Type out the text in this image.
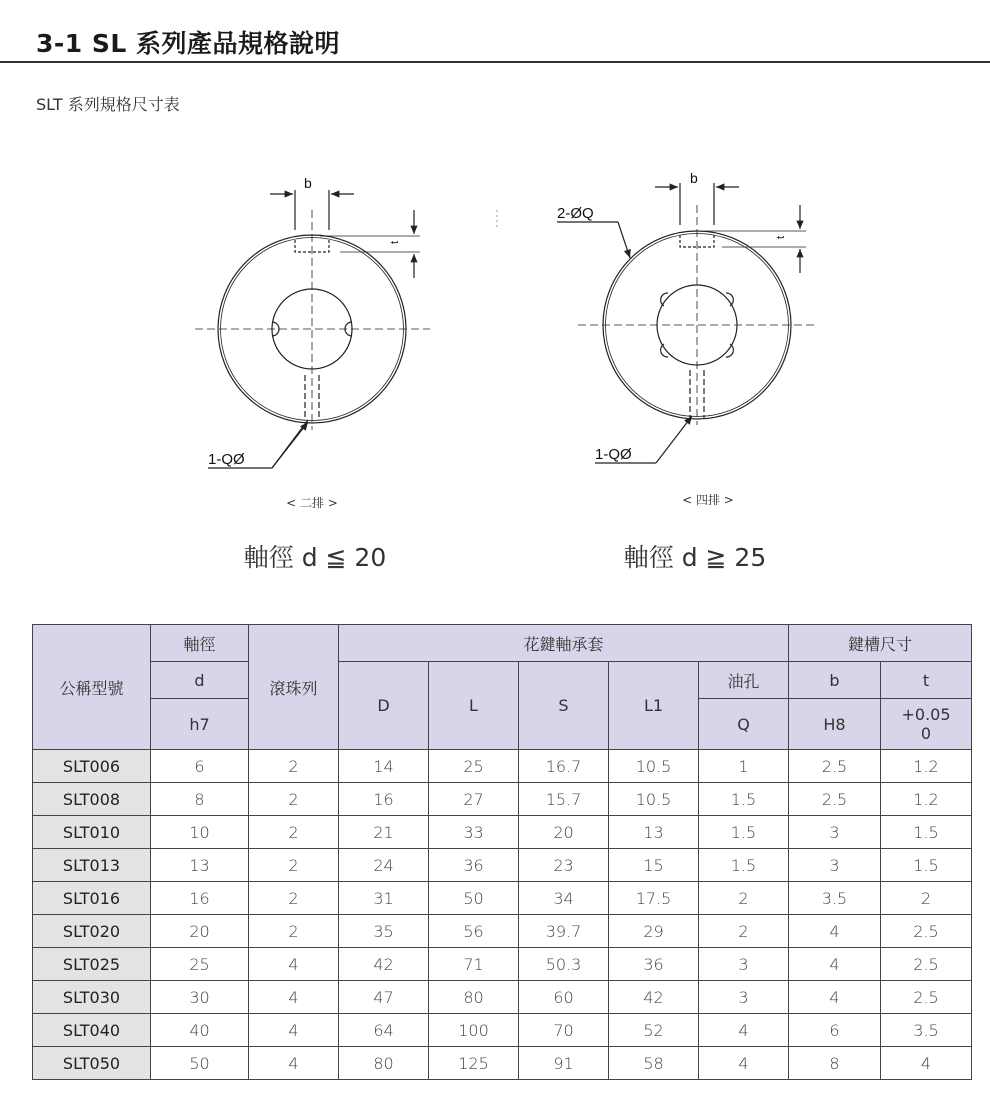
3-1 SL 系列產品規格說明
SLT 系列規格尺寸表
b
t
1-QØ
b
t
2-ØQ
1-QØ
< 二排 >	< 四排 >
軸徑 d ≦ 20	軸徑 d ≧ 25
公稱型號	軸徑	滾珠列	花鍵軸承套					鍵槽尺寸	
	d		D	L	S	L1	油孔	b	t
	h7						Q	H8	+0.05
0
SLT006	6	2	14	25	16.7	10.5	1	2.5	1.2
SLT008	8	2	16	27	15.7	10.5	1.5	2.5	1.2
SLT010	10	2	21	33	20	13	1.5	3	1.5
SLT013	13	2	24	36	23	15	1.5	3	1.5
SLT016	16	2	31	50	34	17.5	2	3.5	2
SLT020	20	2	35	56	39.7	29	2	4	2.5
SLT025	25	4	42	71	50.3	36	3	4	2.5
SLT030	30	4	47	80	60	42	3	4	2.5
SLT040	40	4	64	100	70	52	4	6	3.5
SLT050	50	4	80	125	91	58	4	8	4
